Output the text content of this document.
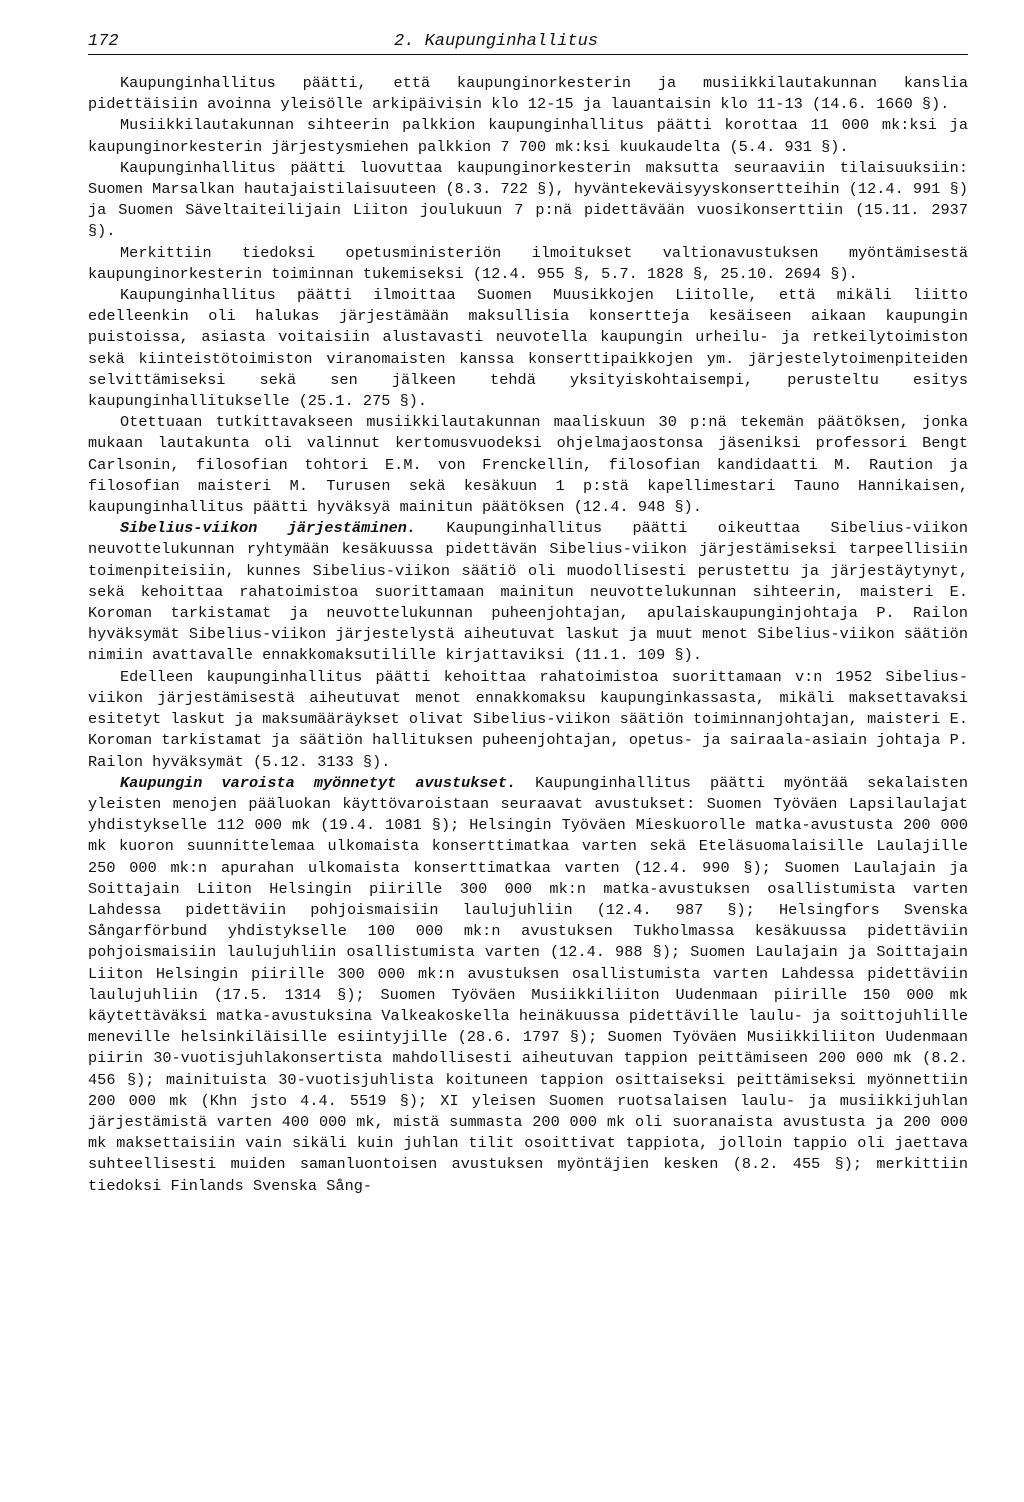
172	2. Kaupunginhallitus

Kaupunginhallitus päätti, että kaupunginorkesterin ja musiikkilautakunnan kanslia pidettäisiin avoinna yleisölle arkipäivisin klo 12-15 ja lauantaisin klo 11-13 (14.6. 1660 §).

Musiikkilautakunnan sihteerin palkkion kaupunginhallitus päätti korottaa 11 000 mk:ksi ja kaupunginorkesterin järjestysmiehen palkkion 7 700 mk:ksi kuukaudelta (5.4. 931 §).

Kaupunginhallitus päätti luovuttaa kaupunginorkesterin maksutta seuraaviin tilaisuuksiin: Suomen Marsalkan hautajaistilaisuuteen (8.3. 722 §), hyväntekeväisyyskonsertteihin (12.4. 991 §) ja Suomen Säveltaiteilijain Liiton joulukuun 7 p:nä pidettävään vuosikonserttiin (15.11. 2937 §).

Merkittiin tiedoksi opetusministeriön ilmoitukset valtionavustuksen myöntämisestä kaupunginorkesterin toiminnan tukemiseksi (12.4. 955 §, 5.7. 1828 §, 25.10. 2694 §).

Kaupunginhallitus päätti ilmoittaa Suomen Muusikkojen Liitolle, että mikäli liitto edelleenkin oli halukas järjestämään maksullisia konsertteja kesäiseen aikaan kaupungin puistoissa, asiasta voitaisiin alustavasti neuvotella kaupungin urheilu- ja retkeilytoimiston sekä kiinteistötoimiston viranomaisten kanssa konserttipaikkojen ym. järjestelytoimenpiteiden selvittämiseksi sekä sen jälkeen tehdä yksityiskohtaisempi, perusteltu esitys kaupunginhallitukselle (25.1. 275 §).

Otettuaan tutkittavakseen musiikkilautakunnan maaliskuun 30 p:nä tekemän päätöksen, jonka mukaan lautakunta oli valinnut kertomusvuodeksi ohjelmajaostonsa jäseniksi professori Bengt Carlsonin, filosofian tohtori E.M. von Frenckellin, filosofian kandidaatti M. Raution ja filosofian maisteri M. Turusen sekä kesäkuun 1 p:stä kapellimestari Tauno Hannikaisen, kaupunginhallitus päätti hyväksyä mainitun päätöksen (12.4. 948 §).

Sibelius-viikon järjestäminen. Kaupunginhallitus päätti oikeuttaa Sibelius-viikon neuvottelukunnan ryhtymään kesäkuussa pidettävän Sibelius-viikon järjestämiseksi tarpeellisiin toimenpiteisiin, kunnes Sibelius-viikon säätiö oli muodollisesti perustettu ja järjestäytynyt, sekä kehoittaa rahatoimistoa suorittamaan mainitun neuvottelukunnan sihteerin, maisteri E. Koroman tarkistamat ja neuvottelukunnan puheenjohtajan, apulaiskaupunginjohtaja P. Railon hyväksymät Sibelius-viikon järjestelystä aiheutuvat laskut ja muut menot Sibelius-viikon säätiön nimiin avattavalle ennakkomaksutilille kirjattaviksi (11.1. 109 §).

Edelleen kaupunginhallitus päätti kehoittaa rahatoimistoa suorittamaan v:n 1952 Sibelius-viikon järjestämisestä aiheutuvat menot ennakkomaksu kaupunginkassasta, mikäli maksettavaksi esitetyt laskut ja maksumääräykset olivat Sibelius-viikon säätiön toiminnanjohtajan, maisteri E. Koroman tarkistamat ja säätiön hallituksen puheenjohtajan, opetus- ja sairaala-asiain johtaja P. Railon hyväksymät (5.12. 3133 §).

Kaupungin varoista myönnetyt avustukset. Kaupunginhallitus päätti myöntää sekalaisten yleisten menojen pääluokan käyttövaroistaan seuraavat avustukset: Suomen Työväen Lapsilaulajat yhdistykselle 112 000 mk (19.4. 1081 §); Helsingin Työväen Mieskuorolle matka-avustusta 200 000 mk kuoron suunnittelemaa ulkomaista konserttimatkaa varten sekä Eteläsuomalaisille Laulajille 250 000 mk:n apurahan ulkomaista konserttimatkaa varten (12.4. 990 §); Suomen Laulajain ja Soittajain Liiton Helsingin piirille 300 000 mk:n matka-avustuksen osallistumista varten Lahdessa pidettäviin pohjoismaisiin laulujuhliin (12.4. 987 §); Helsingfors Svenska Sångarförbund yhdistykselle 100 000 mk:n avustuksen Tukholmassa kesäkuussa pidettäviin pohjoismaisiin laulujuhliin osallistumista varten (12.4. 988 §); Suomen Laulajain ja Soittajain Liiton Helsingin piirille 300 000 mk:n avustuksen osallistumista varten Lahdessa pidettäviin laulujuhliin (17.5. 1314 §); Suomen Työväen Musiikkiliiton Uudenmaan piirille 150 000 mk käytettäväksi matka-avustuksina Valkeakoskella heinäkuussa pidettäville laulu- ja soittojuhlille meneville helsinkiläisille esiintyjille (28.6. 1797 §); Suomen Työväen Musiikkiliiton Uudenmaan piirin 30-vuotisjuhlakonsertista mahdollisesti aiheutuvan tappion peittämiseen 200 000 mk (8.2. 456 §); mainituista 30-vuotisjuhlista koituneen tappion osittaiseksi peittämiseksi myönnettiin 200 000 mk (Khn jsto 4.4. 5519 §); XI yleisen Suomen ruotsalaisen laulu- ja musiikkijuhlan järjestämistä varten 400 000 mk, mistä summasta 200 000 mk oli suoranaista avustusta ja 200 000 mk maksettaisiin vain sikäli kuin juhlan tilit osoittivat tappiota, jolloin tappio oli jaettava suhteellisesti muiden samanluontoisen avustuksen myöntäjien kesken (8.2. 455 §); merkittiin tiedoksi Finlands Svenska Sång-
